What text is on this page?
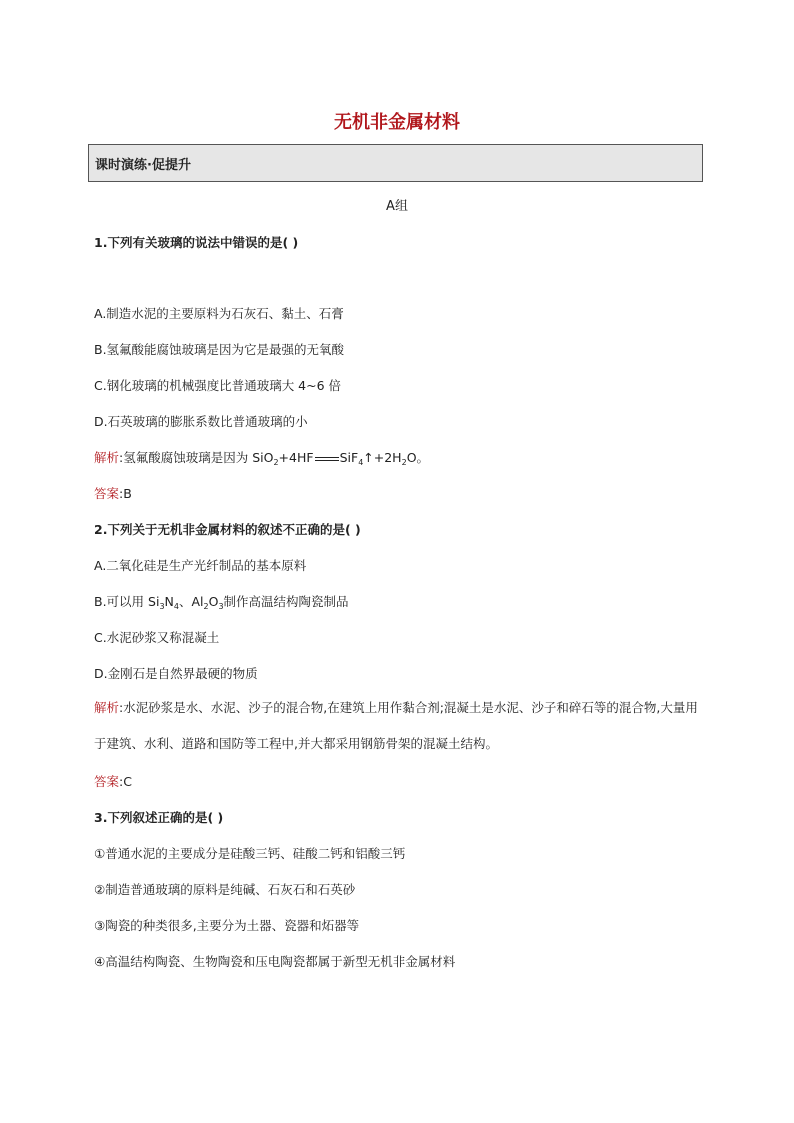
无机非金属材料
课时演练·促提升
A组
1.下列有关玻璃的说法中错误的是( )
A.制造水泥的主要原料为石灰石、黏土、石膏
B.氢氟酸能腐蚀玻璃是因为它是最强的无氧酸
C.钢化玻璃的机械强度比普通玻璃大 4~6 倍
D.石英玻璃的膨胀系数比普通玻璃的小
解析:氢氟酸腐蚀玻璃是因为 SiO$_2$+4HF $SiF_4↑+2H_2O$。
答案:B
2.下列关于无机非金属材料的叙述不正确的是( )
A.二氧化硅是生产光纤制品的基本原料
B.可以用 $Si_3N_4$、$Al_2O_3$制作高温结构陶瓷制品
C.水泥砂浆又称混凝土
D.金刚石是自然界最硬的物质
解析:水泥砂浆是水、水泥、沙子的混合物,在建筑上用作黏合剂;混凝土是水泥、沙子和碎石等的混合物,大量用于建筑、水利、道路和国防等工程中,并大都采用钢筋骨架的混凝土结构。
答案:C
3.下列叙述正确的是( )
①普通水泥的主要成分是硅酸三钙、硅酸二钙和铝酸三钙
②制造普通玻璃的原料是纯碱、石灰石和石英砂
③陶瓷的种类很多,主要分为土器、瓷器和炻器等
④高温结构陶瓷、生物陶瓷和压电陶瓷都属于新型无机非金属材料
